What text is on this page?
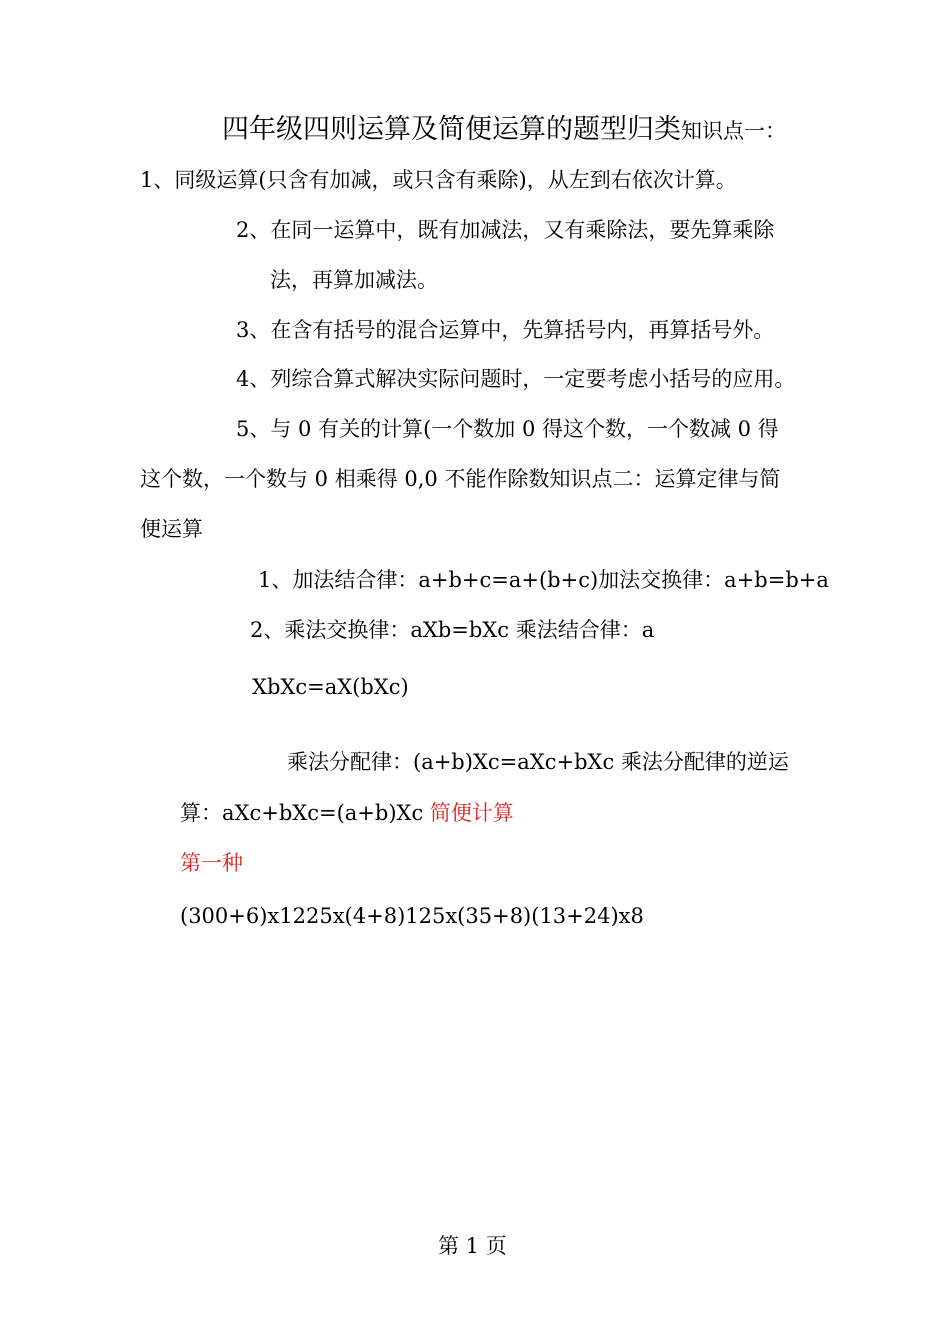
四年级四则运算及简便运算的题型归类知识点一：
1、同级运算(只含有加减，或只含有乘除)，从左到右依次计算。
2、在同一运算中，既有加减法，又有乘除法，要先算乘除
法，再算加减法。
3、在含有括号的混合运算中，先算括号内，再算括号外。
4、列综合算式解决实际问题时，一定要考虑小括号的应用。
5、与 0 有关的计算(一个数加 0 得这个数，一个数减 0 得
这个数，一个数与 0 相乘得 0,0 不能作除数知识点二：运算定律与简
便运算
1、加法结合律：a+b+c=a+(b+c)加法交换律：a+b=b+a
2、乘法交换律：aXb=bXc 乘法结合律：a
XbXc=aX(bXc)
乘法分配律：(a+b)Xc=aXc+bXc 乘法分配律的逆运
算：aXc+bXc=(a+b)Xc 简便计算
第一种
(300+6)x1225x(4+8)125x(35+8)(13+24)x8
第 1 页
